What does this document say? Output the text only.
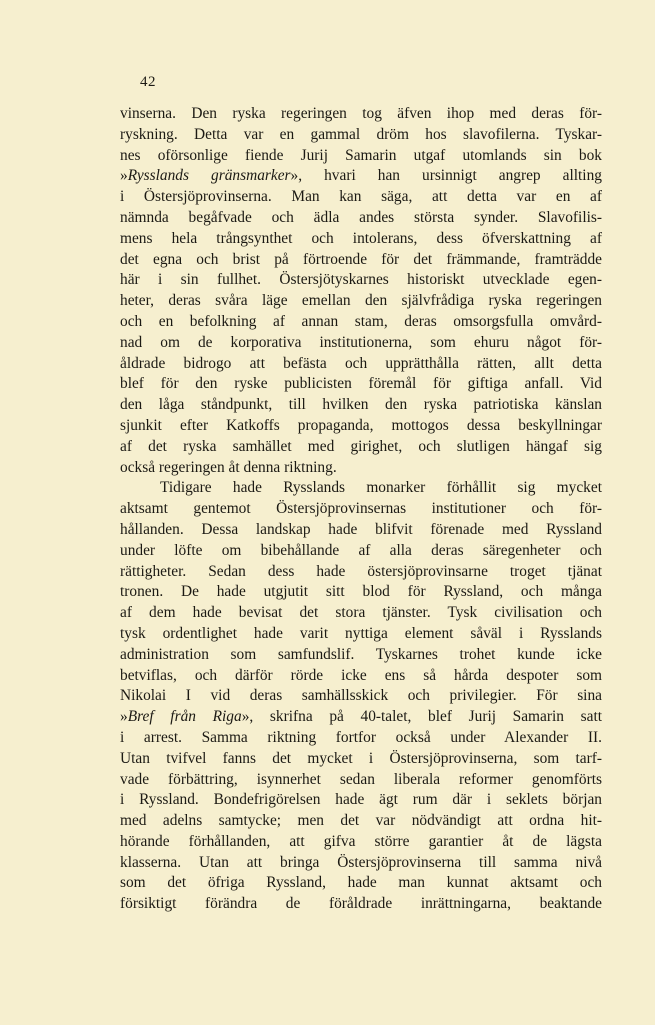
42
vinserna. Den ryska regeringen tog äfven ihop med deras för-
ryskning. Detta var en gammal dröm hos slavofilerna. Tyskar-
nes oförsonlige fiende Jurij Samarin utgaf utomlands sin bok
»Rysslands gränsmarker», hvari han ursinnigt angrep allting
i Östersjöprovinserna. Man kan säga, att detta var en af
nämnda begåfvade och ädla andes största synder. Slavofilis-
mens hela trångsynthet och intolerans, dess öfverskattning af
det egna och brist på förtroende för det främmande, framträdde
här i sin fullhet. Östersjötyskarnes historiskt utvecklade egen-
heter, deras svåra läge emellan den självfrådiga ryska regeringen
och en befolkning af annan stam, deras omsorgsfulla omvård-
nad om de korporativa institutionerna, som ehuru något för-
åldrade bidrogo att befästa och upprätthålla rätten, allt detta
blef för den ryske publicisten föremål för giftiga anfall. Vid
den låga ståndpunkt, till hvilken den ryska patriotiska känslan
sjunkit efter Katkoffs propaganda, mottogos dessa beskyllningar
af det ryska samhället med girighet, och slutligen hängaf sig
också regeringen åt denna riktning.
Tidigare hade Rysslands monarker förhållit sig mycket
aktsamt gentemot Östersjöprovinsernas institutioner och för-
hållanden. Dessa landskap hade blifvit förenade med Ryssland
under löfte om bibehållande af alla deras säregenheter och
rättigheter. Sedan dess hade östersjöprovinsarne troget tjänat
tronen. De hade utgjutit sitt blod för Ryssland, och många
af dem hade bevisat det stora tjänster. Tysk civilisation och
tysk ordentlighet hade varit nyttiga element såväl i Rysslands
administration som samfundslif. Tyskarnes trohet kunde icke
betviflas, och därför rörde icke ens så hårda despoter som
Nikolai I vid deras samhällsskick och privilegier. För sina
»Bref från Riga», skrifna på 40-talet, blef Jurij Samarin satt
i arrest. Samma riktning fortfor också under Alexander II.
Utan tvifvel fanns det mycket i Östersjöprovinserna, som tarf-
vade förbättring, isynnerhet sedan liberala reformer genomförts
i Ryssland. Bondefrigörelsen hade ägt rum där i seklets början
med adelns samtycke; men det var nödvändigt att ordna hit-
hörande förhållanden, att gifva större garantier åt de lägsta
klasserna. Utan att bringa Östersjöprovinserna till samma nivå
som det öfriga Ryssland, hade man kunnat aktsamt och
försiktigt förändra de föråldrade inrättningarna, beaktande
